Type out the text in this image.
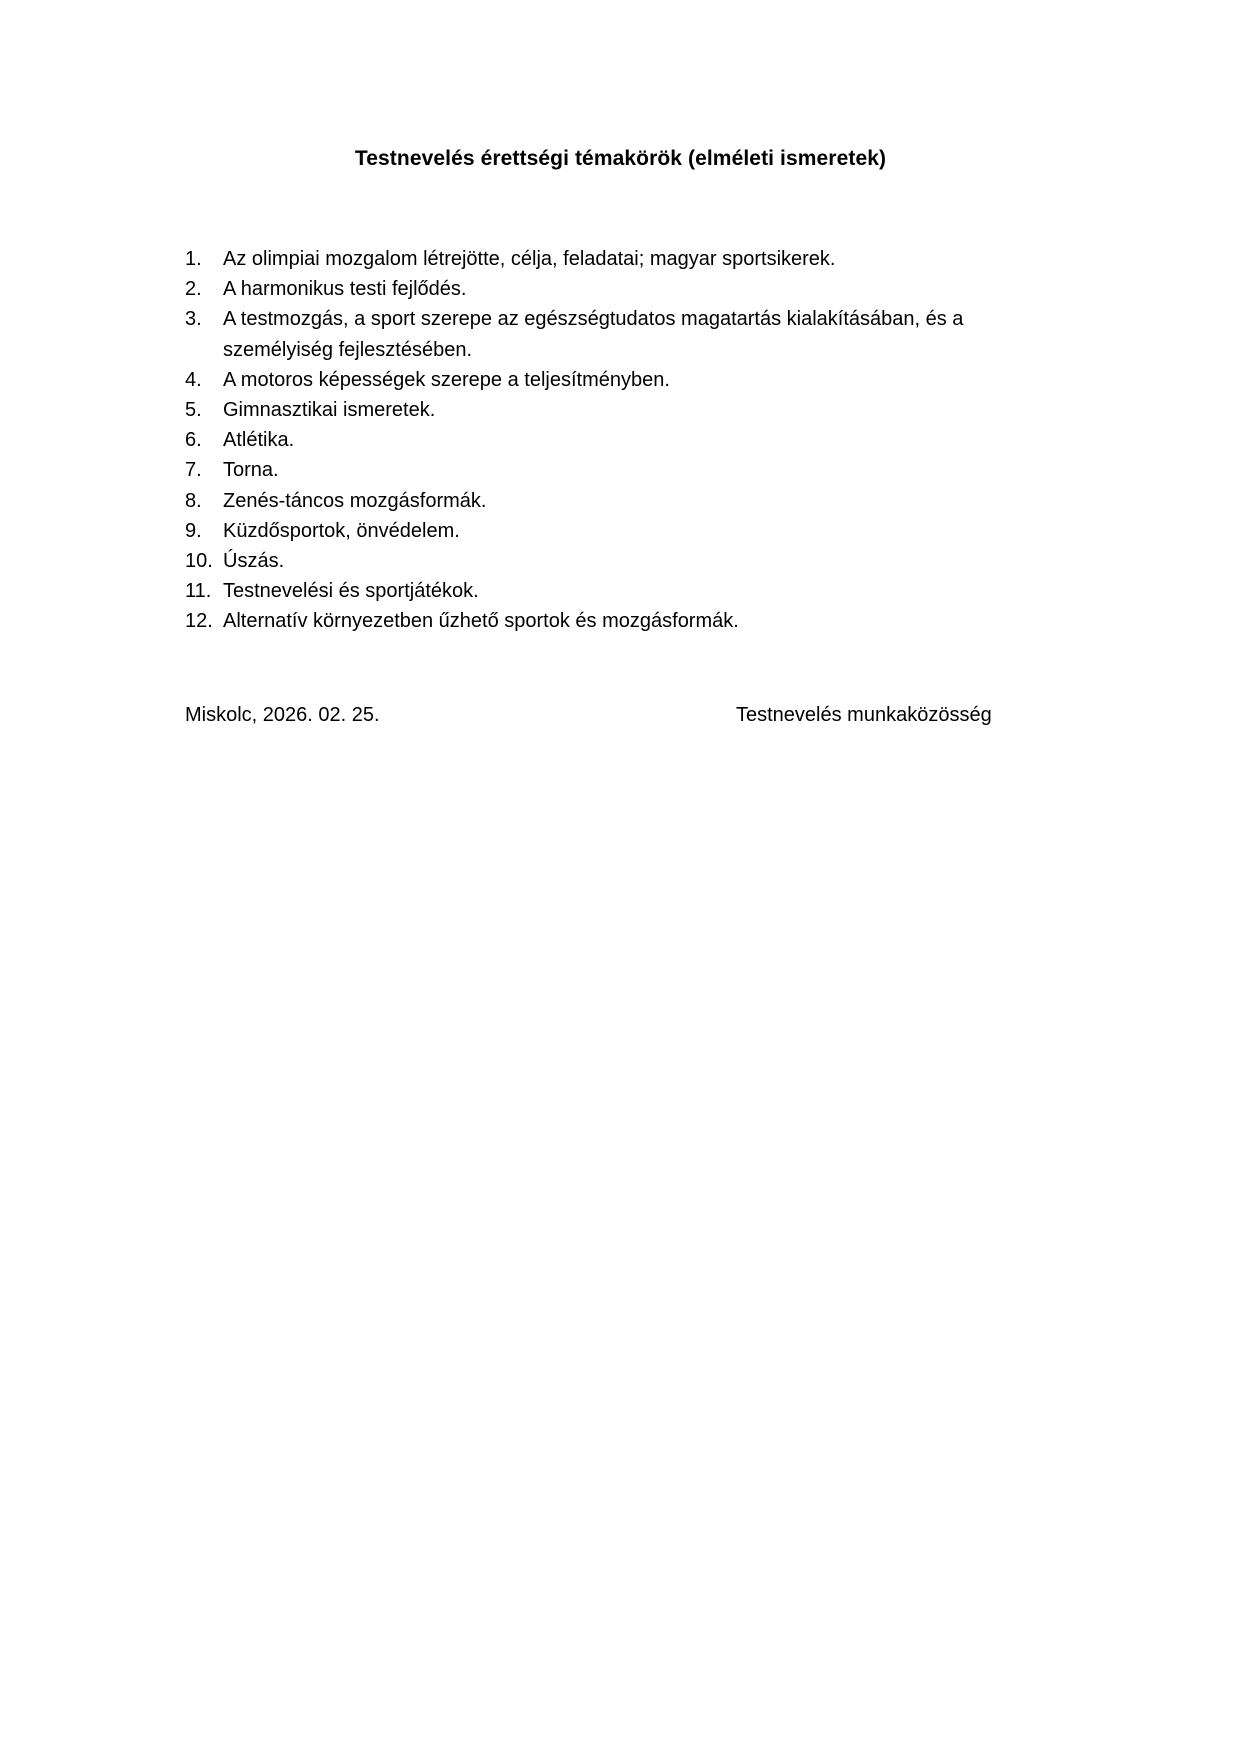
Testnevelés érettségi témakörök (elméleti ismeretek)
1. Az olimpiai mozgalom létrejötte, célja, feladatai; magyar sportsikerek.
2. A harmonikus testi fejlődés.
3. A testmozgás, a sport szerepe az egészségtudatos magatartás kialakításában, és a személyiség fejlesztésében.
4. A motoros képességek szerepe a teljesítményben.
5. Gimnasztikai ismeretek.
6. Atlétika.
7. Torna.
8. Zenés-táncos mozgásformák.
9. Küzdősportok, önvédelem.
10. Úszás.
11. Testnevelési és sportjátékok.
12. Alternatív környezetben űzhető sportok és mozgásformák.
Miskolc, 2026. 02. 25.	Testnevelés munkaközösség
